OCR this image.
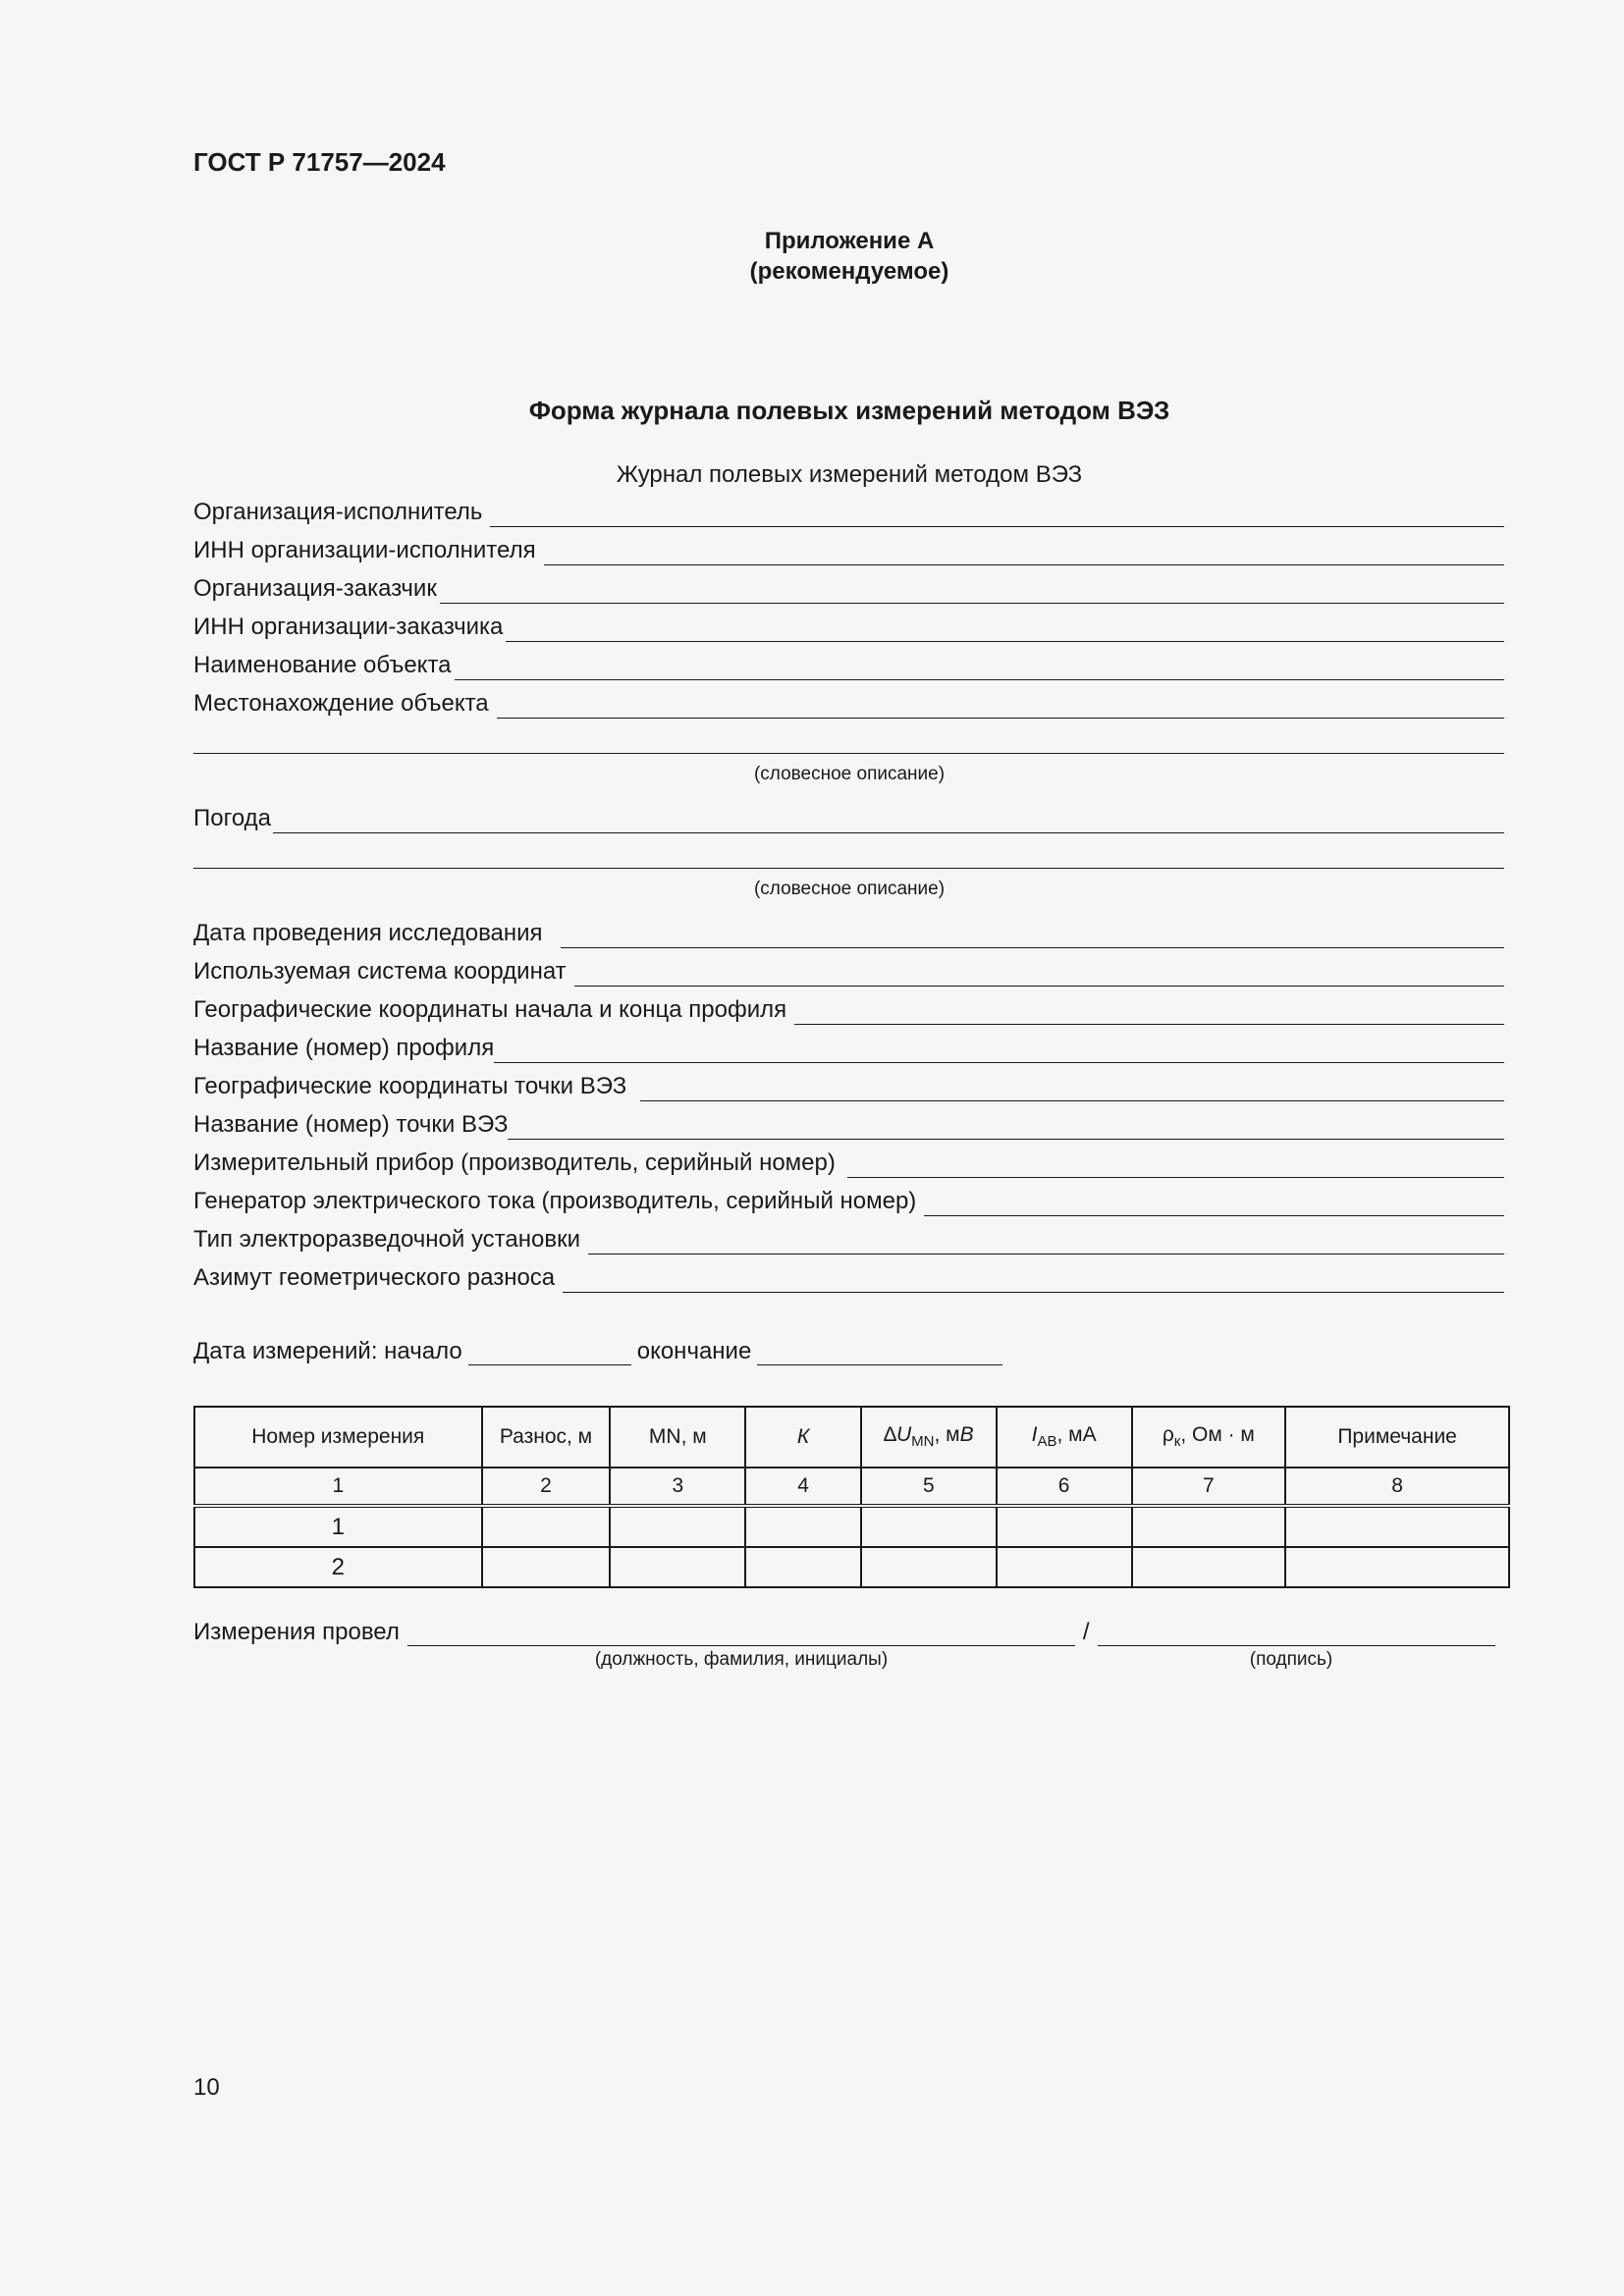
ГОСТ Р 71757—2024
Приложение А
(рекомендуемое)
Форма журнала полевых измерений методом ВЭЗ
Журнал полевых измерений методом ВЭЗ
Организация-исполнитель
ИНН организации-исполнителя
Организация-заказчик
ИНН организации-заказчика
Наименование объекта
Местонахождение объекта
(словесное описание)
Погода
(словесное описание)
Дата проведения исследования
Используемая система координат
Географические координаты начала и конца профиля
Название (номер) профиля
Географические координаты точки ВЭЗ
Название (номер) точки ВЭЗ
Измерительный прибор (производитель, серийный номер)
Генератор электрического тока (производитель, серийный номер)
Тип электроразведочной установки
Азимут геометрического разноса
Дата измерений: начало	окончание
Номер измерения	Разнос, м	MN, м	К	$\Delta U_{MN}$, мВ	$I_{AB}$, мА	$\rho_к$, Ом · м	Примечание
1	2	3	4	5	6	7	8
1							
2							
Измерения провел	/
(должность, фамилия, инициалы)	(подпись)
10
